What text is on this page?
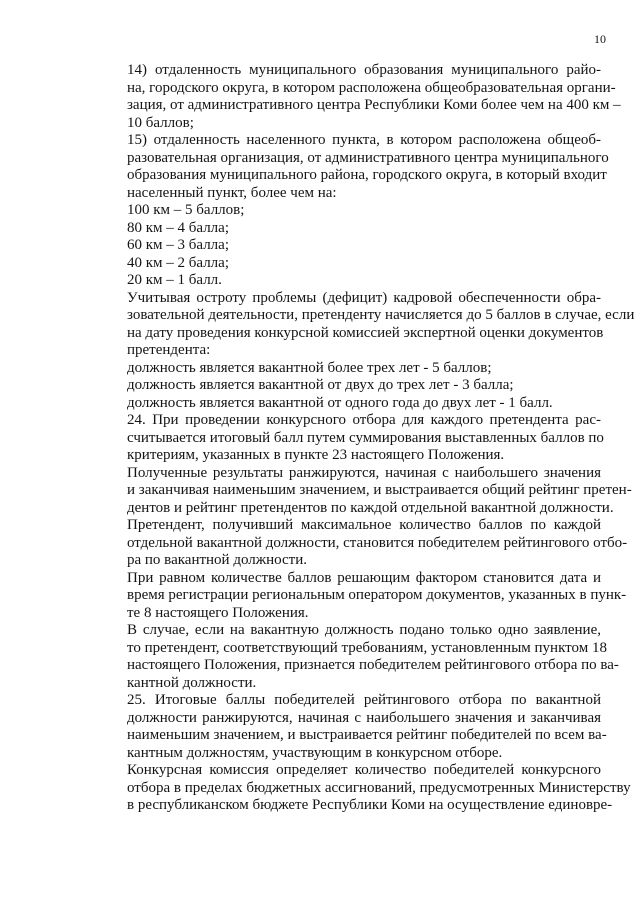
10

14) отдаленность муниципального образования муниципального райо-
на, городского округа, в котором расположена общеобразовательная органи-
зация, от административного центра Республики Коми более чем на 400 км –
10 баллов;

15) отдаленность населенного пункта, в котором расположена общеоб-
разовательная организация, от административного центра муниципального
образования муниципального района, городского округа, в который входит
населенный пункт, более чем на:

100 км – 5 баллов;

80 км – 4 балла;

60 км – 3 балла;

40 км – 2 балла;

20 км – 1 балл.

Учитывая остроту проблемы (дефицит) кадровой обеспеченности обра-
зовательной деятельности, претенденту начисляется до 5 баллов в случае, если
на дату проведения конкурсной комиссией экспертной оценки документов
претендента:

должность является вакантной более трех лет - 5 баллов;

должность является вакантной от двух до трех лет - 3 балла;

должность является вакантной от одного года до двух лет - 1 балл.

24. При проведении конкурсного отбора для каждого претендента рас-
считывается итоговый балл путем суммирования выставленных баллов по
критериям, указанных в пункте 23 настоящего Положения.

Полученные результаты ранжируются, начиная с наибольшего значения
и заканчивая наименьшим значением, и выстраивается общий рейтинг претен-
дентов и рейтинг претендентов по каждой отдельной вакантной должности.

Претендент, получивший максимальное количество баллов по каждой
отдельной вакантной должности, становится победителем рейтингового отбо-
ра по вакантной должности.

При равном количестве баллов решающим фактором становится дата и
время регистрации региональным оператором документов, указанных в пунк-
те 8 настоящего Положения.

В случае, если на вакантную должность подано только одно заявление,
то претендент, соответствующий требованиям, установленным пунктом 18
настоящего Положения, признается победителем рейтингового отбора по ва-
кантной должности.

25. Итоговые баллы победителей рейтингового отбора по вакантной
должности ранжируются, начиная с наибольшего значения и заканчивая
наименьшим значением, и выстраивается рейтинг победителей по всем ва-
кантным должностям, участвующим в конкурсном отборе.

Конкурсная комиссия определяет количество победителей конкурсного
отбора в пределах бюджетных ассигнований, предусмотренных Министерству
в республиканском бюджете Республики Коми на осуществление единовре-
